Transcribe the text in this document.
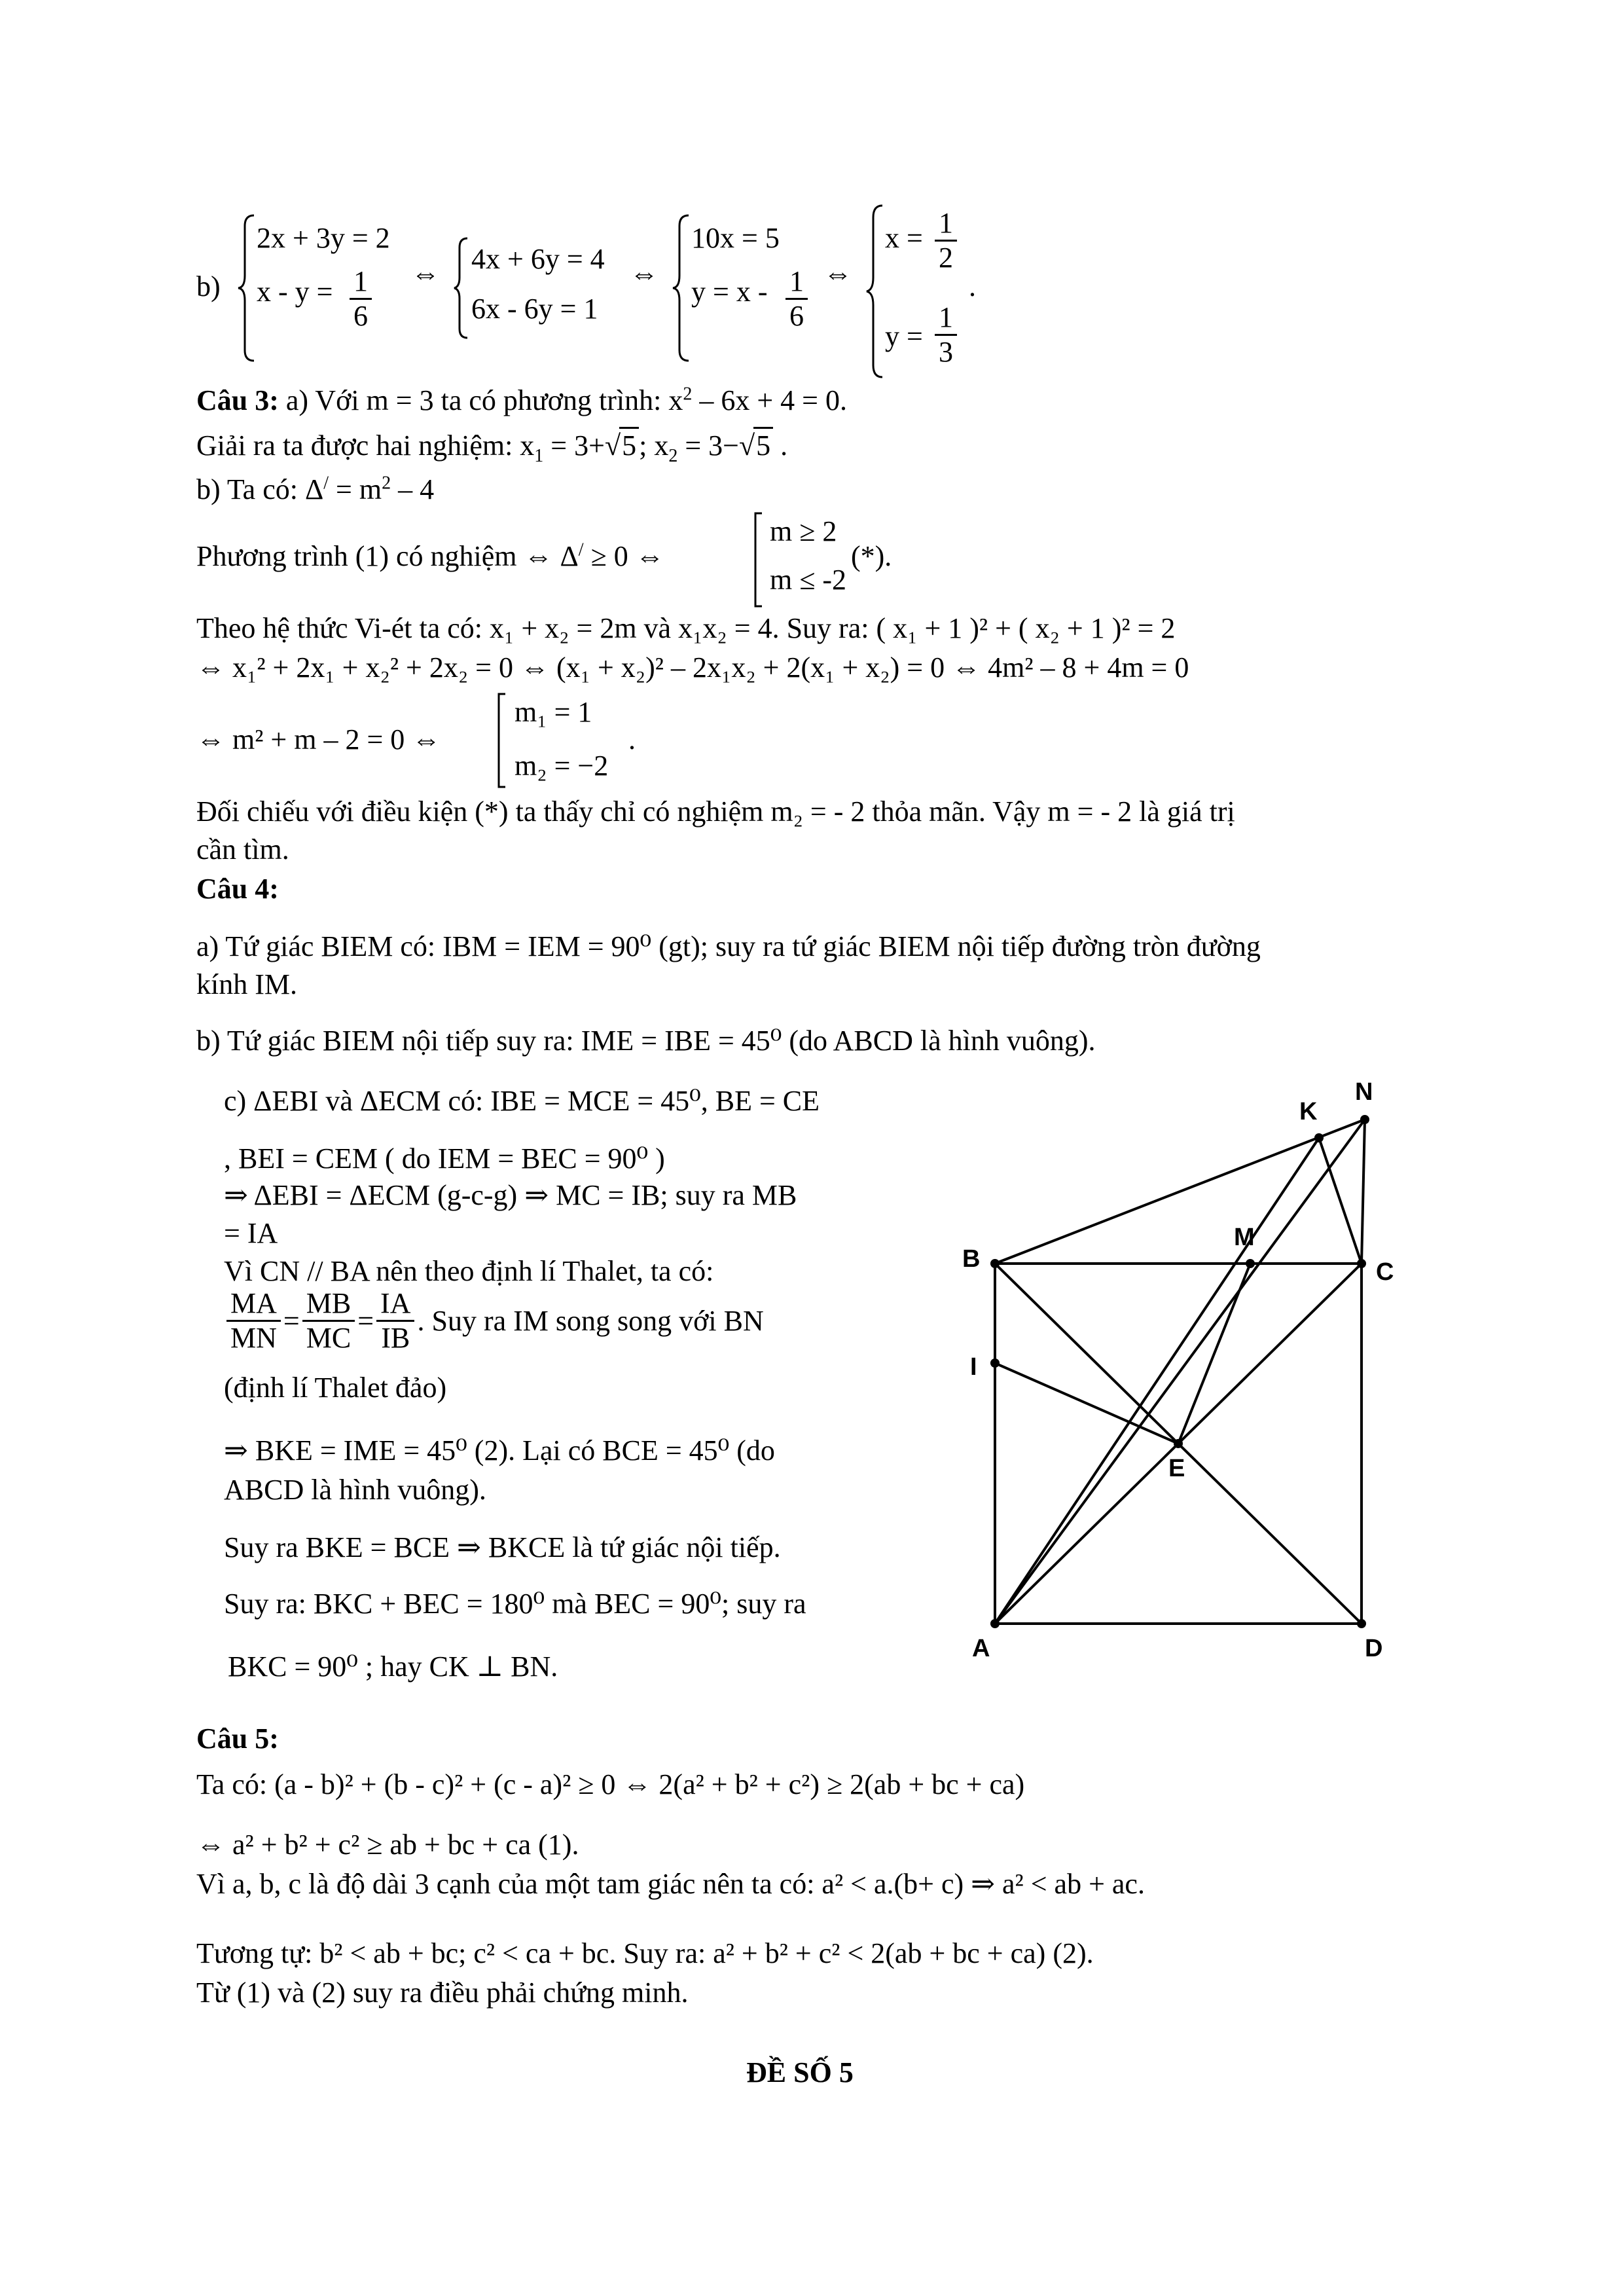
b)
2x + 3y = 2
$x - y = \frac{1}{6}$ ⇔ 4x + 6y = 4
6x - 6y = 1
⇔
10x = 5
$y = x - \frac{1}{6}$ ⇔
$x = \frac{1}{2}$
$y = \frac{1}{3}$
.
Câu 3: a) Với m = 3 ta có phương trình: $x^2 - 6x + 4 = 0$.
Giải ra ta được hai nghiệm: $x_1 = 3+√5$; $x_2 = 3-√5$ .
b) Ta có: $\Delta^/ = m^2 - 4$
Phương trình (1) có nghiệm ⇔ Δ/ ≥ 0 ⇔
m ≥ 2
m ≤ -2
(*).
Theo hệ thức Vi-ét ta có: x₁ + x₂ = 2m và x₁x₂ = 4. Suy ra: ( x₁ + 1 )² + ( x₂ + 1 )² = 2
⇔ x₁² + 2x₁ + x₂² + 2x₂ = 0 ⇔ (x₁ + x₂)² – 2x₁x₂ + 2(x₁ + x₂) = 0 ⇔ 4m² – 8 + 4m = 0
⇔ m² + m – 2 = 0 ⇔
m₁ = 1
m₂ = −2
.
Đối chiếu với điều kiện (*) ta thấy chỉ có nghiệm m₂ = - 2 thỏa mãn. Vậy m = - 2 là giá trị
cần tìm.
Câu 4:
a) Tứ giác BIEM có: IBM = IEM = 90⁰ (gt); suy ra tứ giác BIEM nội tiếp đường tròn đường
kính IM.
b) Tứ giác BIEM nội tiếp suy ra: IME = IBE = 45⁰ (do ABCD là hình vuông).
c) ΔEBI và ΔECM có: IBE = MCE = 45⁰, BE = CE
, BEI = CEM ( do IEM = BEC = 90⁰ )
⇒ ΔEBI = ΔECM (g-c-g) ⇒ MC = IB; suy ra MB
= IA
Vì CN // BA nên theo định lí Thalet, ta có:
$\frac{MA}{MN} = \frac{MB}{MC} = \frac{IA}{IB}$ . Suy ra IM song song với BN
(định lí Thalet đảo)
⇒ BKE = IME = 45⁰ (2). Lại có BCE = 45⁰ (do
ABCD là hình vuông).
Suy ra BKE = BCE ⇒ BKCE là tứ giác nội tiếp.
Suy ra: BKC + BEC = 180⁰ mà BEC = 90⁰; suy ra
BKC = 90⁰ ; hay CK ⊥ BN.
N
K
M
B	C
I
E
A	D
Câu 5:
Ta có: (a - b)² + (b - c)² + (c - a)² ≥ 0 ⇔ 2(a² + b² + c²) ≥ 2(ab + bc + ca)
⇔ a² + b² + c² ≥ ab + bc + ca (1).
Vì a, b, c là độ dài 3 cạnh của một tam giác nên ta có: a² < a.(b+ c) ⇒ a² < ab + ac.
Tương tự: b² < ab + bc; c² < ca + bc. Suy ra: a² + b² + c² < 2(ab + bc + ca) (2).
Từ (1) và (2) suy ra điều phải chứng minh.
ĐỀ SỐ 5
